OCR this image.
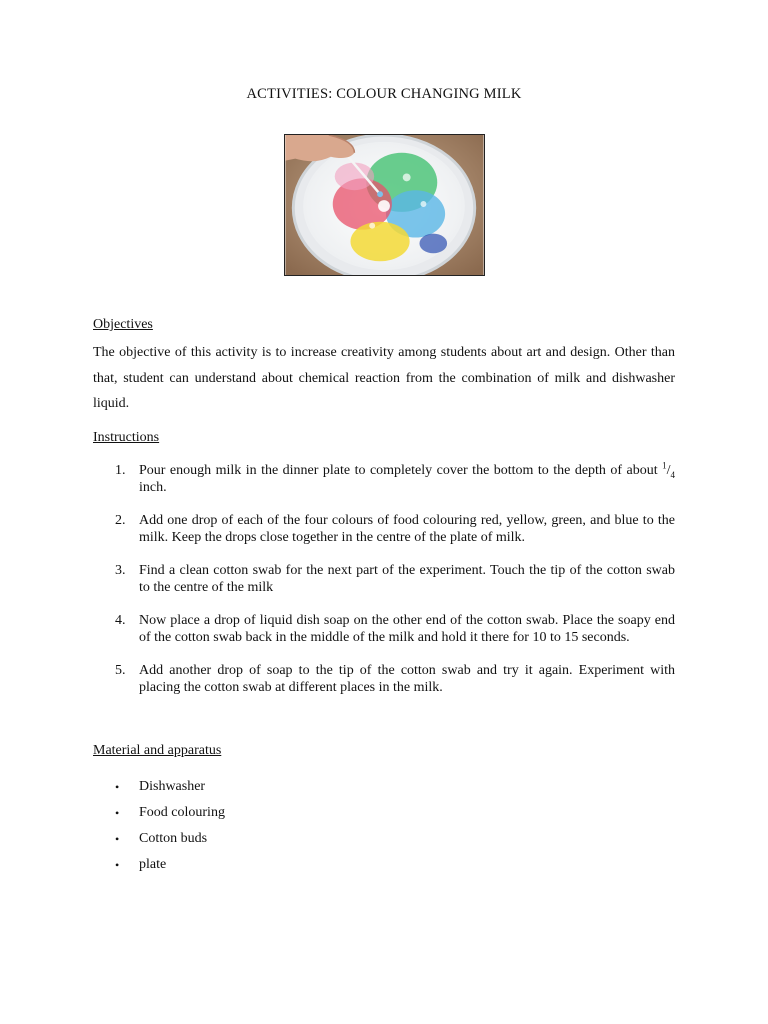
ACTIVITIES: COLOUR CHANGING MILK
Objectives
The objective of this activity is to increase creativity among students about art and design. Other than that, student can understand about chemical reaction from the combination of milk and dishwasher liquid.
Instructions
1. Pour enough milk in the dinner plate to completely cover the bottom to the depth of about $^1/_4$ inch.
2. Add one drop of each of the four colours of food colouring red, yellow, green, and blue to the milk. Keep the drops close together in the centre of the plate of milk.
3. Find a clean cotton swab for the next part of the experiment. Touch the tip of the cotton swab to the centre of the milk
4. Now place a drop of liquid dish soap on the other end of the cotton swab. Place the soapy end of the cotton swab back in the middle of the milk and hold it there for 10 to 15 seconds.
5. Add another drop of soap to the tip of the cotton swab and try it again. Experiment with placing the cotton swab at different places in the milk.
Material and apparatus
• Dishwasher
• Food colouring
• Cotton buds
• plate
